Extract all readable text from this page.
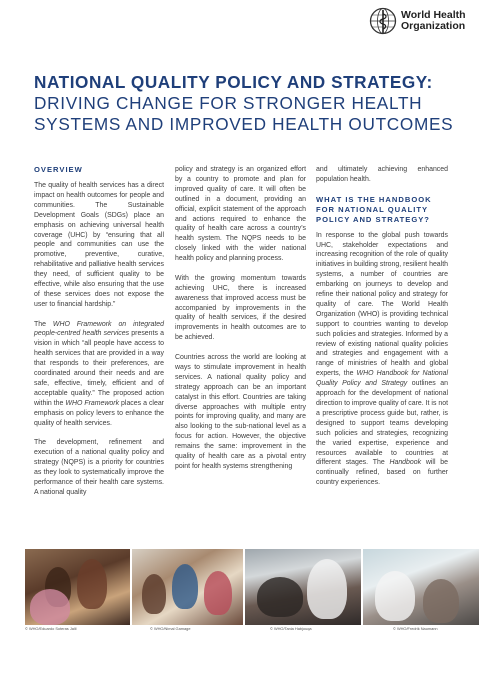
World Health
Organization
NATIONAL QUALITY POLICY AND STRATEGY:
DRIVING CHANGE FOR STRONGER HEALTH
SYSTEMS AND IMPROVED HEALTH OUTCOMES
OVERVIEW

The quality of health services has a direct impact on health outcomes for people and communities. The Sustainable Development Goals (SDGs) place an emphasis on achieving universal health coverage (UHC) by “ensuring that all people and communities can use the promotive, preventive, curative, rehabilitative and palliative health services they need, of sufficient quality to be effective, while also ensuring that the use of these services does not expose the user to financial hardship.”

The WHO Framework on integrated people-centred health services presents a vision in which “all people have access to health services that are provided in a way that responds to their preferences, are coordinated around their needs and are safe, effective, timely, efficient and of acceptable quality.” The proposed action within the WHO Framework places a clear emphasis on policy levers to enhance the quality of health services.

The development, refinement and execution of a national quality policy and strategy (NQPS) is a priority for countries as they look to systematically improve the performance of their health care systems. A national quality

policy and strategy is an organized effort by a country to promote and plan for improved quality of care. It will often be outlined in a document, providing an official, explicit statement of the approach and actions required to enhance the quality of health care across a country’s health system. The NQPS needs to be closely linked with the wider national health policy and planning process.

With the growing momentum towards achieving UHC, there is increased awareness that improved access must be accompanied by improvements in the quality of health services, if the desired improvements in health outcomes are to be achieved.

Countries across the world are looking at ways to stimulate improvement in health services. A national quality policy and strategy approach can be an important catalyst in this effort. Countries are taking diverse approaches with multiple entry points for improving quality, and many are also looking to the sub-national level as a focus for action. However, the objective remains the same: improvement in the quality of health care as a pivotal entry point for health systems strengthening

and ultimately achieving enhanced population health.

WHAT IS THE HANDBOOK FOR NATIONAL QUALITY POLICY AND STRATEGY?

In response to the global push towards UHC, stakeholder expectations and increasing recognition of the role of quality initiatives in building strong, resilient health systems, a number of countries are embarking on journeys to develop and refine their national policy and strategy for quality of care. The World Health Organization (WHO) is providing technical support to countries wanting to develop such policies and strategies. Informed by a review of existing national quality policies and strategies and engagement with a range of ministries of health and global experts, the WHO Handbook for National Quality Policy and Strategy outlines an approach for the development of national direction to improve quality of care. It is not a prescriptive process guide but, rather, is designed to support teams developing such policies and strategies, recognizing the varied expertise, experience and resources available to countries at different stages. The Handbook will be continually refined, based on further country experiences.

© WHO/Eduardo Soteras Jalil	© WHO/Nimal Gamage	© WHO/Tania Habjouqa	© WHO/Fredrik Naumann
